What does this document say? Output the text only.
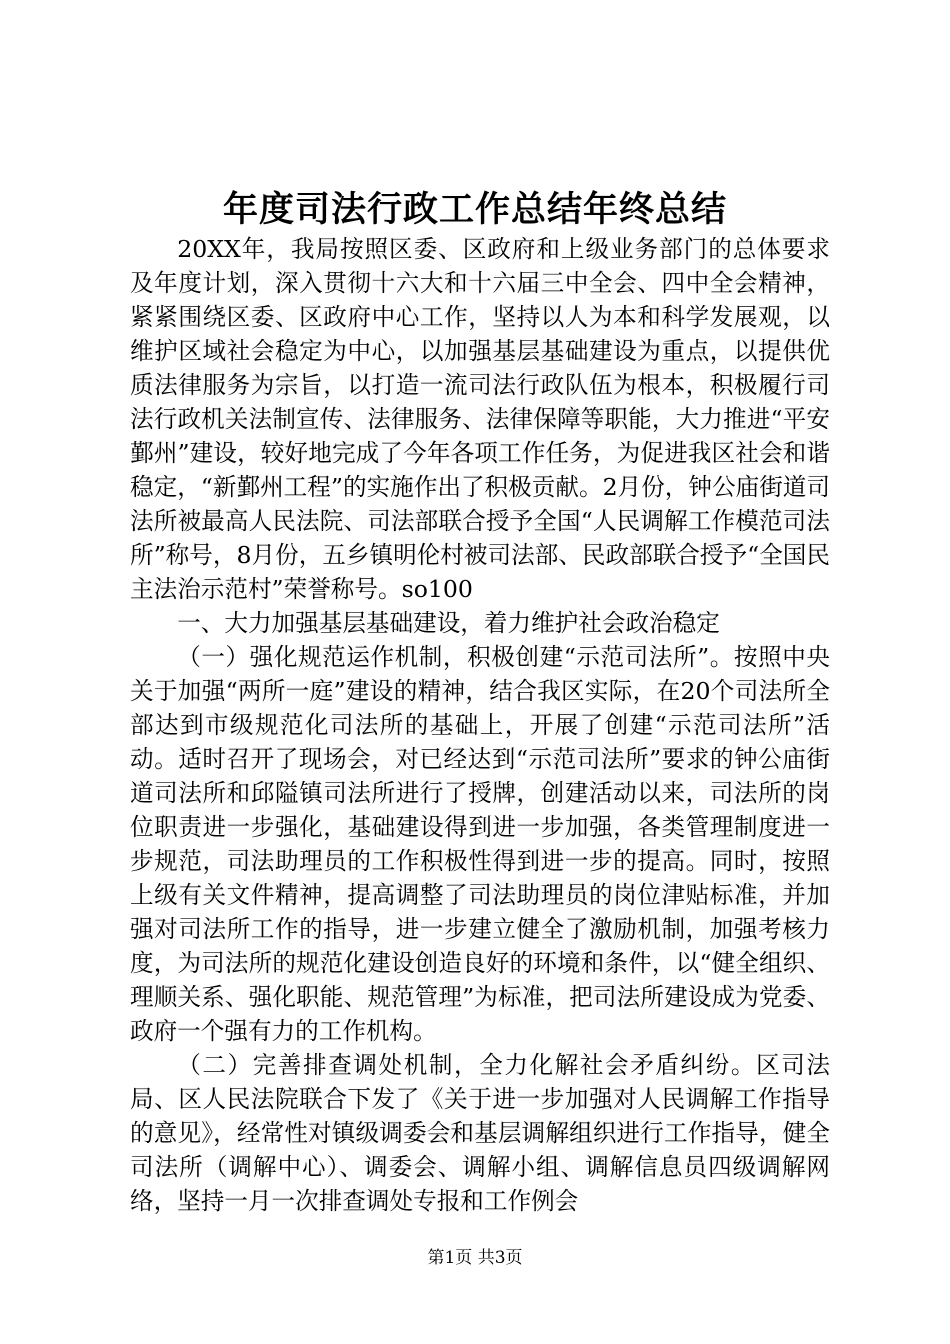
年度司法行政工作总结年终总结

20XX年，我局按照区委、区政府和上级业务部门的总体要求及年度计划，深入贯彻十六大和十六届三中全会、四中全会精神，紧紧围绕区委、区政府中心工作，坚持以人为本和科学发展观，以维护区域社会稳定为中心，以加强基层基础建设为重点，以提供优质法律服务为宗旨，以打造一流司法行政队伍为根本，积极履行司法行政机关法制宣传、法律服务、法律保障等职能，大力推进“平安鄞州”建设，较好地完成了今年各项工作任务，为促进我区社会和谐稳定，“新鄞州工程”的实施作出了积极贡献。2月份，钟公庙街道司法所被最高人民法院、司法部联合授予全国“人民调解工作模范司法所”称号，8月份，五乡镇明伦村被司法部、民政部联合授予“全国民主法治示范村”荣誉称号。so100

一、大力加强基层基础建设，着力维护社会政治稳定

（一）强化规范运作机制，积极创建“示范司法所”。按照中央关于加强“两所一庭”建设的精神，结合我区实际，在20个司法所全部达到市级规范化司法所的基础上，开展了创建“示范司法所”活动。适时召开了现场会，对已经达到“示范司法所”要求的钟公庙街道司法所和邱隘镇司法所进行了授牌，创建活动以来，司法所的岗位职责进一步强化，基础建设得到进一步加强，各类管理制度进一步规范，司法助理员的工作积极性得到进一步的提高。同时，按照上级有关文件精神，提高调整了司法助理员的岗位津贴标准，并加强对司法所工作的指导，进一步建立健全了激励机制，加强考核力度，为司法所的规范化建设创造良好的环境和条件，以“健全组织、理顺关系、强化职能、规范管理”为标准，把司法所建设成为党委、政府一个强有力的工作机构。

（二）完善排查调处机制，全力化解社会矛盾纠纷。区司法局、区人民法院联合下发了《关于进一步加强对人民调解工作指导的意见》，经常性对镇级调委会和基层调解组织进行工作指导，健全司法所（调解中心）、调委会、调解小组、调解信息员四级调解网络，坚持一月一次排查调处专报和工作例会

第1页 共3页
